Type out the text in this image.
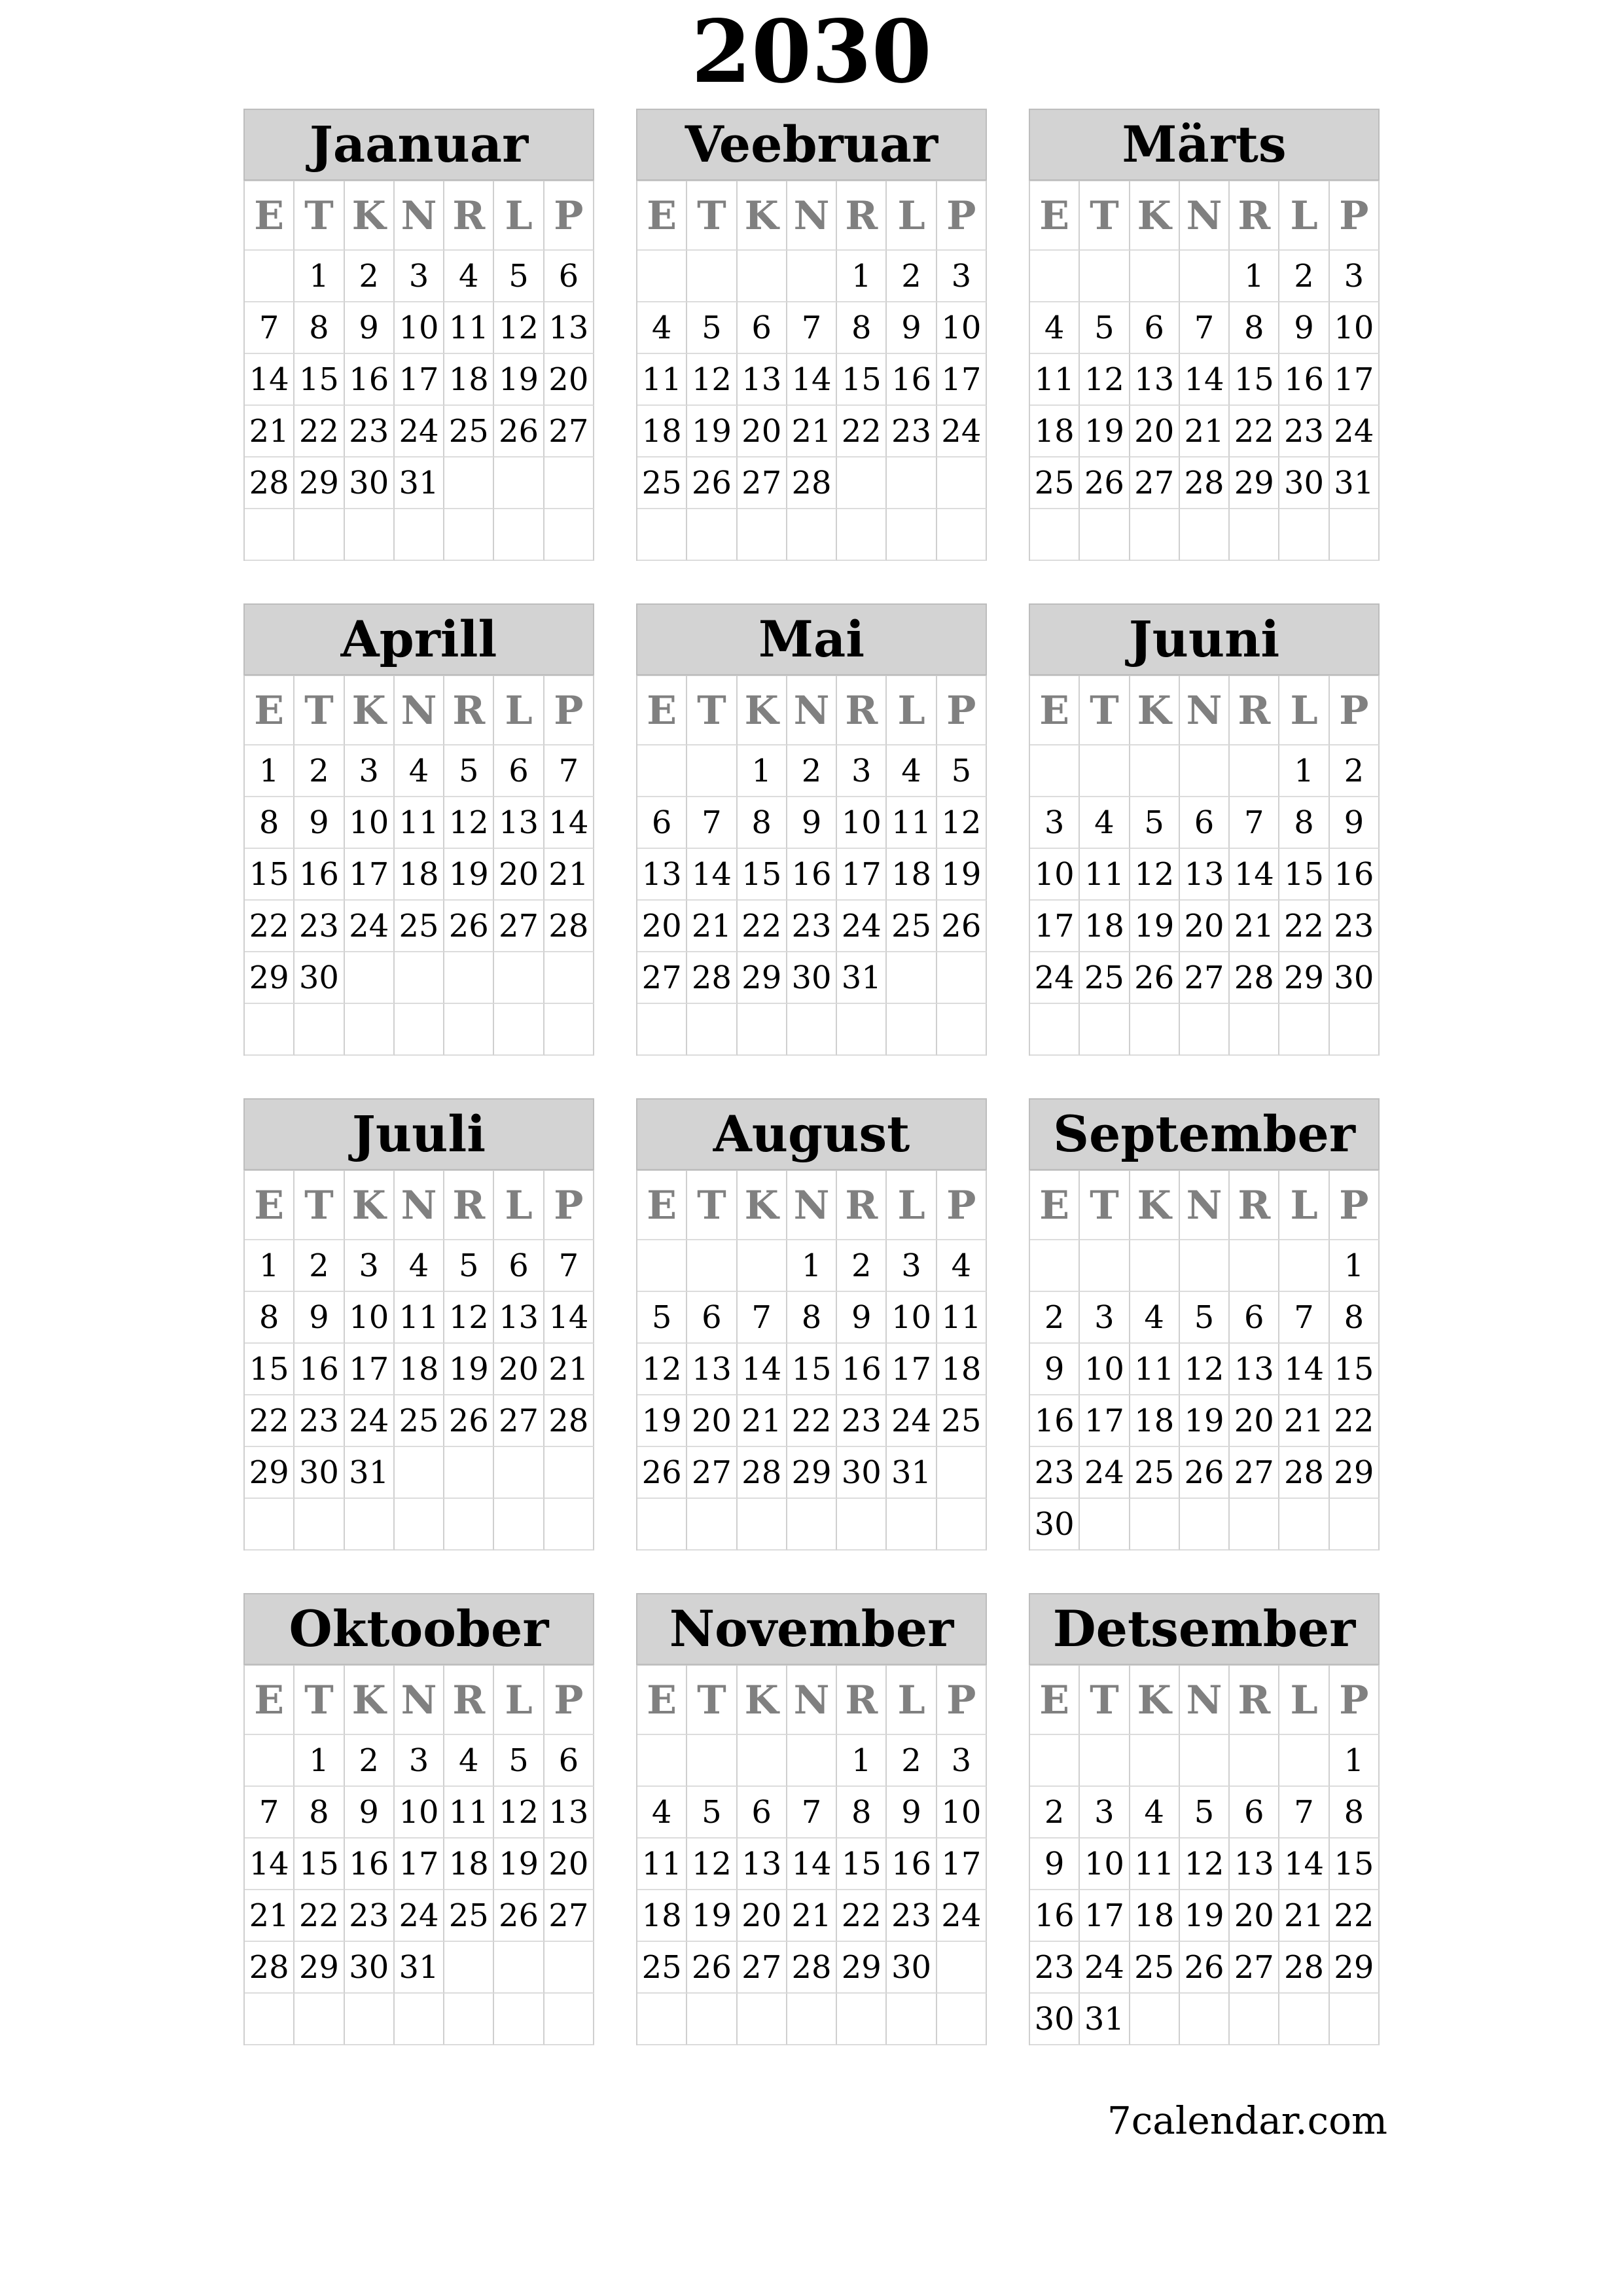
2030
Jaanuar
E T K N R L P
1 2 3 4 5 6
7 8 9 10 11 12 13
14 15 16 17 18 19 20
21 22 23 24 25 26 27
28 29 30 31
Veebruar
E T K N R L P
1 2 3
4 5 6 7 8 9 10
11 12 13 14 15 16 17
18 19 20 21 22 23 24
25 26 27 28
Märts
E T K N R L P
1 2 3
4 5 6 7 8 9 10
11 12 13 14 15 16 17
18 19 20 21 22 23 24
25 26 27 28 29 30 31
Aprill
E T K N R L P
1 2 3 4 5 6 7
8 9 10 11 12 13 14
15 16 17 18 19 20 21
22 23 24 25 26 27 28
29 30
Mai
E T K N R L P
1 2 3 4 5
6 7 8 9 10 11 12
13 14 15 16 17 18 19
20 21 22 23 24 25 26
27 28 29 30 31
Juuni
E T K N R L P
1 2
3 4 5 6 7 8 9
10 11 12 13 14 15 16
17 18 19 20 21 22 23
24 25 26 27 28 29 30
Juuli
E T K N R L P
1 2 3 4 5 6 7
8 9 10 11 12 13 14
15 16 17 18 19 20 21
22 23 24 25 26 27 28
29 30 31
August
E T K N R L P
1 2 3 4
5 6 7 8 9 10 11
12 13 14 15 16 17 18
19 20 21 22 23 24 25
26 27 28 29 30 31
September
E T K N R L P
1
2 3 4 5 6 7 8
9 10 11 12 13 14 15
16 17 18 19 20 21 22
23 24 25 26 27 28 29
30
Oktoober
E T K N R L P
1 2 3 4 5 6
7 8 9 10 11 12 13
14 15 16 17 18 19 20
21 22 23 24 25 26 27
28 29 30 31
November
E T K N R L P
1 2 3
4 5 6 7 8 9 10
11 12 13 14 15 16 17
18 19 20 21 22 23 24
25 26 27 28 29 30
Detsember
E T K N R L P
1
2 3 4 5 6 7 8
9 10 11 12 13 14 15
16 17 18 19 20 21 22
23 24 25 26 27 28 29
30 31
7calendar.com
